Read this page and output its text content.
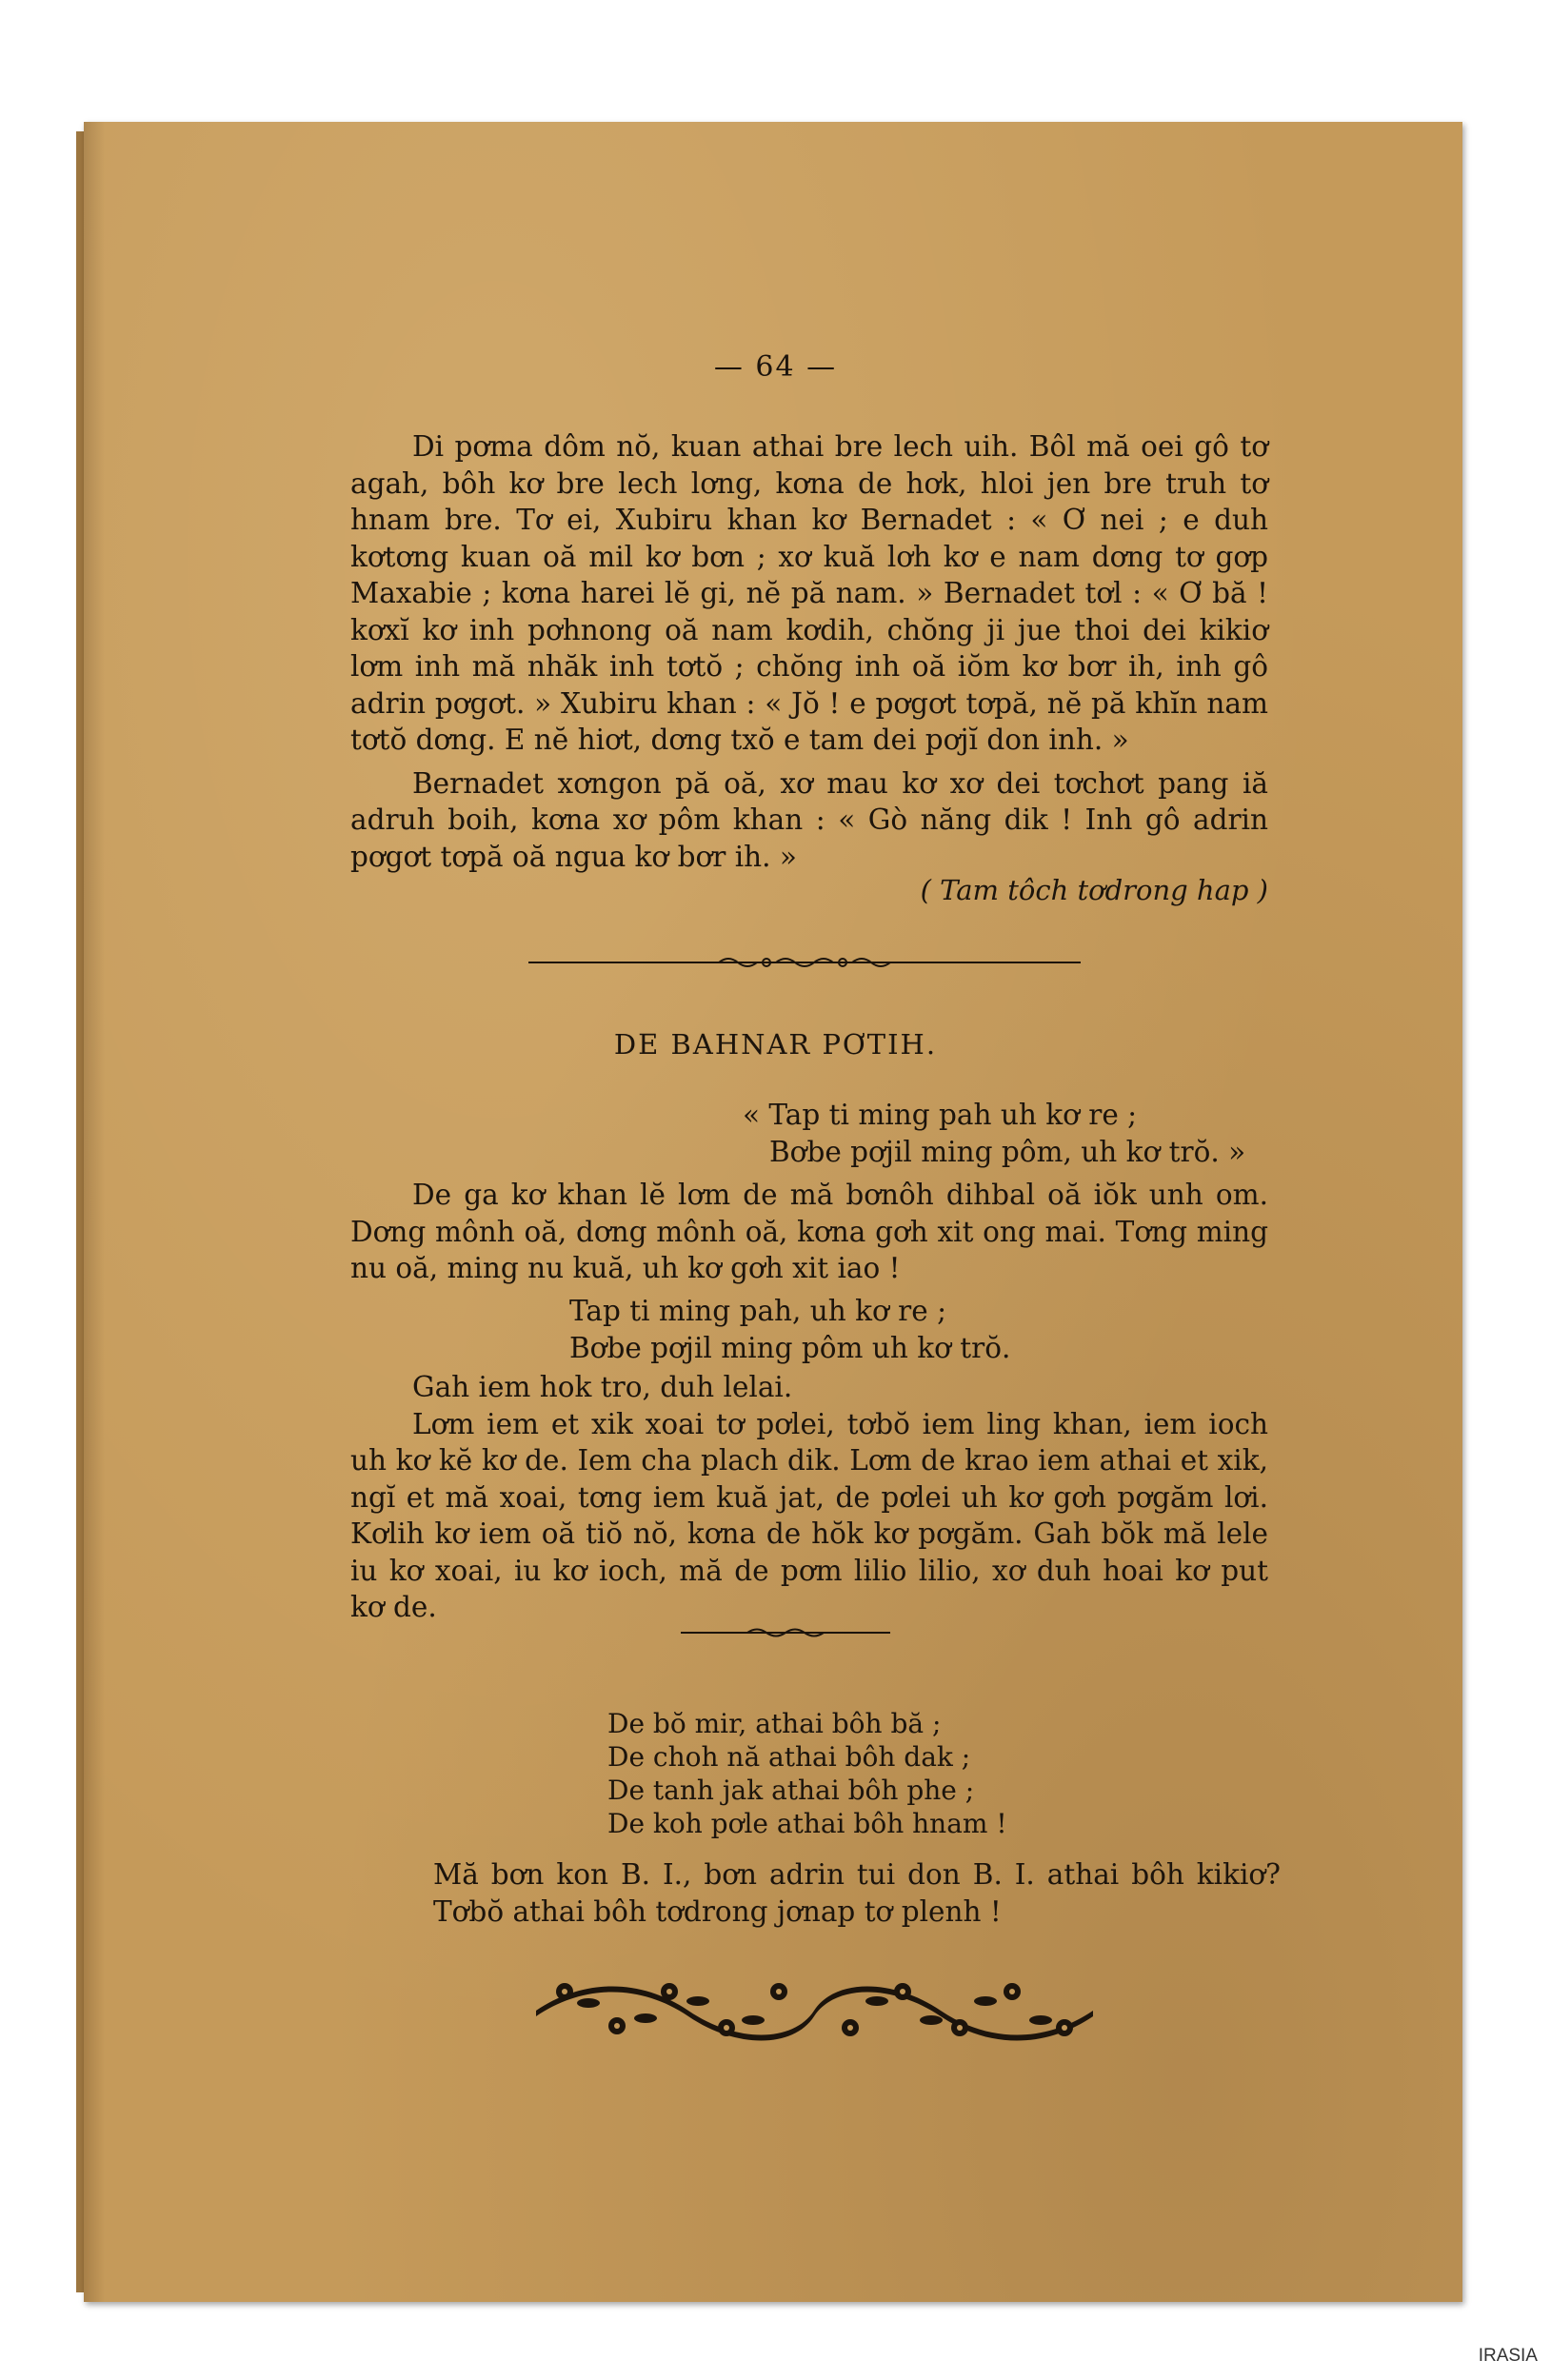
— 64 —

Di pơma dôm nŏ, kuan athai bre lech uih. Bôl mă oei gô tơ agah, bôh kơ bre lech lơng, kơna de hơk, hloi jen bre truh tơ hnam bre. Tơ ei, Xubiru khan kơ Bernadet : « Ơ nei ; e duh kơtơng kuan oă mil kơ bơn ; xơ kuă lơh kơ e nam dơng tơ gơp Maxabie ; kơna harei lĕ gi, nĕ pă nam. » Bernadet tơl : « Ơ bă ! kơxĭ kơ inh pơhnong oă nam kơdih, chŏng ji jue thoi dei kikiơ lơm inh mă nhăk inh tơtŏ ; chŏng inh oă iŏm kơ bơr ih, inh gô adrin pơgơt. » Xubiru khan : « Jŏ ! e pơgơt tơpă, nĕ pă khĭn nam tơtŏ dơng. E nĕ hiơt, dơng txŏ e tam dei pơjĭ don inh. »

Bernadet xơngon pă oă, xơ mau kơ xơ dei tơchơt pang iă adruh boih, kơna xơ pôm khan : « Gò năng dik ! Inh gô adrin pơgơt tơpă oă ngua kơ bơr ih. »

( Tam tôch tơdrong hap )
DE BAHNAR PƠTIH.
« Tap ti ming pah uh kơ re ;
Bơbe pơjil ming pôm, uh kơ trŏ. »

De ga kơ khan lĕ lơm de mă bơnôh dihbal oă iŏk unh om. Dơng mônh oă, dơng mônh oă, kơna gơh xit ong mai. Tơng ming nu oă, ming nu kuă, uh kơ gơh xit iao !

Tap ti ming pah, uh kơ re ;
Bơbe pơjil ming pôm uh kơ trŏ.

Gah iem hok tro, duh lelai.

Lơm iem et xik xoai tơ pơlei, tơbŏ iem ling khan, iem ioch uh kơ kĕ kơ de. Iem cha plach dik. Lơm de krao iem athai et xik, ngĭ et mă xoai, tơng iem kuă jat, de pơlei uh kơ gơh pơgăm lơi. Kơlih kơ iem oă tiŏ nŏ, kơna de hŏk kơ pơgăm. Gah bŏk mă lele iu kơ xoai, iu kơ ioch, mă de pơm lilio lilio, xơ duh hoai kơ put kơ de.

De bŏ mir, athai bôh bă ;
De choh nă athai bôh dak ;
De tanh jak athai bôh phe ;
De koh pơle athai bôh hnam !

Mă bơn kon B. I., bơn adrin tui don B. I. athai bôh kikiơ? Tơbŏ athai bôh tơdrong jơnap tơ plenh !

IRASIA
